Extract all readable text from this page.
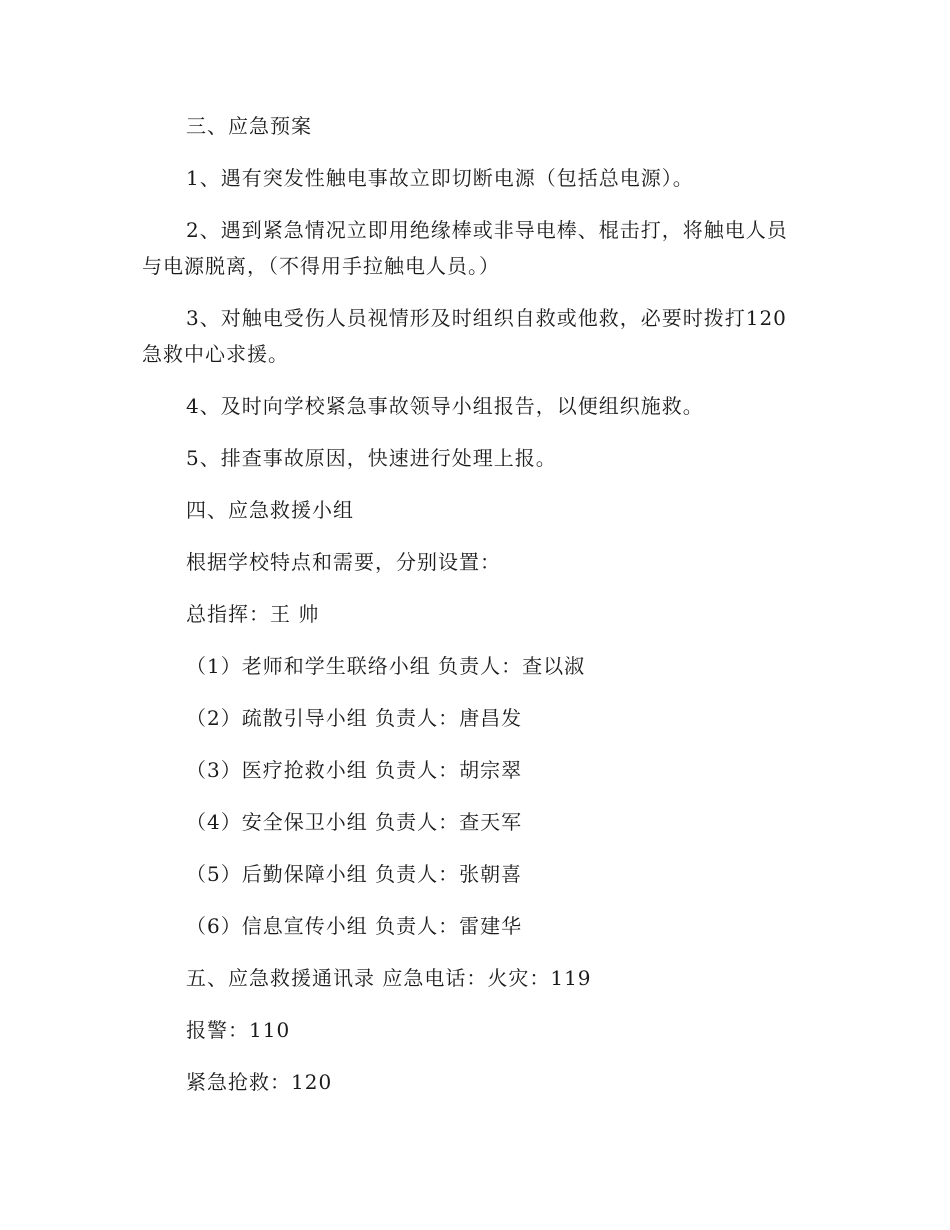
三、应急预案

1、遇有突发性触电事故立即切断电源（包括总电源）。

2、遇到紧急情况立即用绝缘棒或非导电棒、棍击打，将触电人员与电源脱离，（不得用手拉触电人员。）

3、对触电受伤人员视情形及时组织自救或他救，必要时拨打120急救中心求援。

4、及时向学校紧急事故领导小组报告，以便组织施救。

5、排查事故原因，快速进行处理上报。

四、应急救援小组

根据学校特点和需要，分别设置：

总指挥：王 帅

（1）老师和学生联络小组 负责人：查以淑

（2）疏散引导小组 负责人：唐昌发

（3）医疗抢救小组 负责人：胡宗翠

（4）安全保卫小组 负责人：查天军

（5）后勤保障小组 负责人：张朝喜

（6）信息宣传小组 负责人：雷建华

五、应急救援通讯录 应急电话：火灾：119

报警：110

紧急抢救：120
